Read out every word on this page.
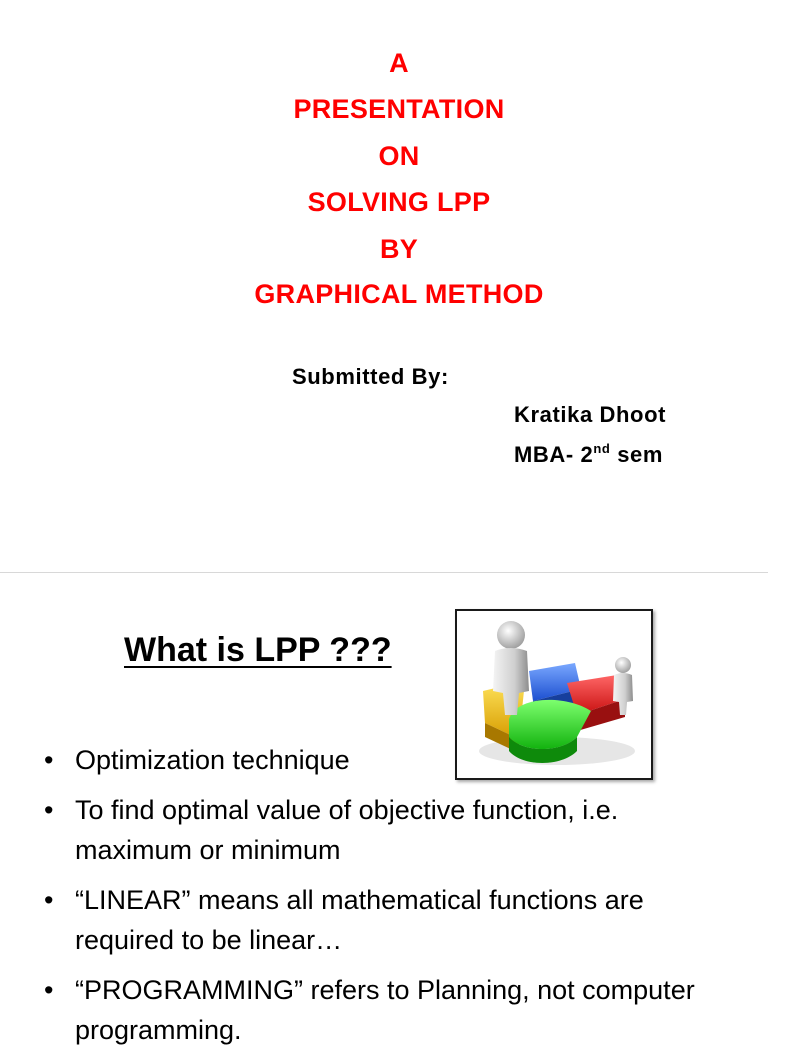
A
PRESENTATION
ON
SOLVING LPP
BY
GRAPHICAL METHOD
Submitted By:
Kratika Dhoot
MBA- 2nd sem
What is LPP ???
• Optimization technique
• To find optimal value of objective function, i.e. maximum or minimum
• “LINEAR” means all mathematical functions are required to be linear…
• “PROGRAMMING” refers to Planning, not computer programming.
